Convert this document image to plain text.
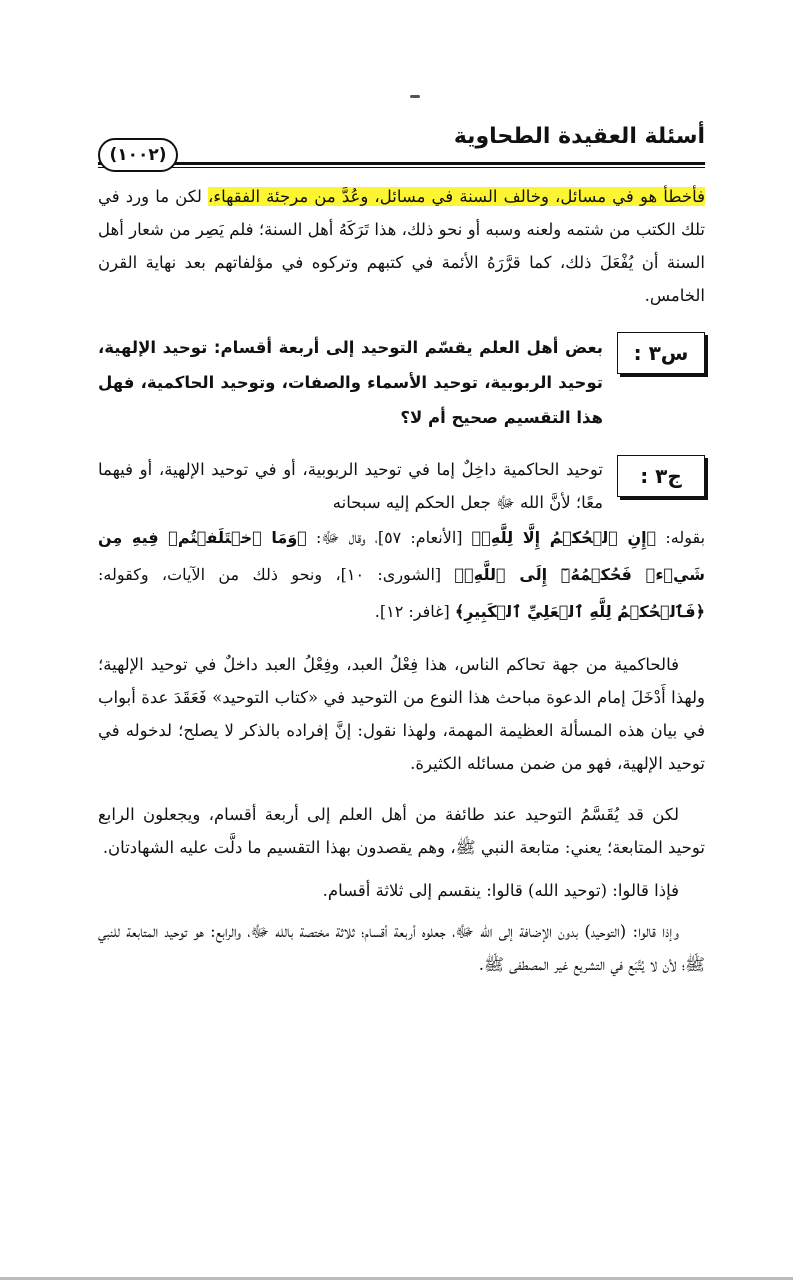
أسئلة العقيدة الطحاوية
(١٠٠٢)

فأخطأ هو في مسائل، وخالف السنة في مسائل، وعُدَّ من مرجئة الفقهاء، لكن ما ورد في تلك الكتب من شتمه ولعنه وسبه أو نحو ذلك، هذا تَرَكَهُ أهل السنة؛ فلم يَصِر من شعار أهل السنة أن يُفْعَلَ ذلك، كما قرَّرَهُ الأئمة في كتبهم وتركوه في مؤلفاتهم بعد نهاية القرن الخامس.

س٣ :
بعض أهل العلم يقسّم التوحيد إلى أربعة أقسام: توحيد الإلهية، توحيد الربوبية، توحيد الأسماء والصفات، وتوحيد الحاكمية، فهل هذا التقسيم صحيح أم لا؟
ج٣ :

توحيد الحاكمية داخِلٌ إما في توحيد الربوبية، أو في توحيد الإلهية، أو فيهما معًا؛ لأنَّ الله ﷻ جعل الحكم إليه سبحانه

بقوله: ﴿إِنِ ٱلۡحُكۡمُ إِلَّا لِلَّهِۗ﴾ [الأنعام: ٥٧]، وقال ﷻ: ﴿وَمَا ٱخۡتَلَفۡتُمۡ فِيهِ مِن شَيۡءٖ فَحُكۡمُهُۥٓ إِلَى ٱللَّهِۚ﴾ [الشورى: ١٠]، ونحو ذلك من الآيات، وكقوله: ﴿فَٱلۡحُكۡمُ لِلَّهِ ٱلۡعَلِيِّ ٱلۡكَبِيرِ﴾ [غافر: ١٢].

فالحاكمية من جهة تحاكم الناس، هذا فِعْلُ العبد، وفِعْلُ العبد داخلٌ في توحيد الإلهية؛ ولهذا أَدْخَلَ إمام الدعوة مباحث هذا النوع من التوحيد في «كتاب التوحيد» فَعَقَدَ عدة أبواب في بيان هذه المسألة العظيمة المهمة، ولهذا نقول: إنَّ إفراده بالذكر لا يصلح؛ لدخوله في توحيد الإلهية، فهو من ضمن مسائله الكثيرة.

لكن قد يُقَسَّمُ التوحيد عند طائفة من أهل العلم إلى أربعة أقسام، ويجعلون الرابع توحيد المتابعة؛ يعني: متابعة النبي ﷺ، وهم يقصدون بهذا التقسيم ما دلَّت عليه الشهادتان.

فإذا قالوا: (توحيد الله) قالوا: ينقسم إلى ثلاثة أقسام.

وإذا قالوا: (التوحيد) بدون الإضافة إلى الله ﷻ، جعلوه أربعة أقسام؛ ثلاثة مختصة بالله ﷻ، والرابع: هو توحيد المتابعة للنبي ﷺ؛ لأن لا يُتَّبَع في التشريع غير المصطفى ﷺ.
